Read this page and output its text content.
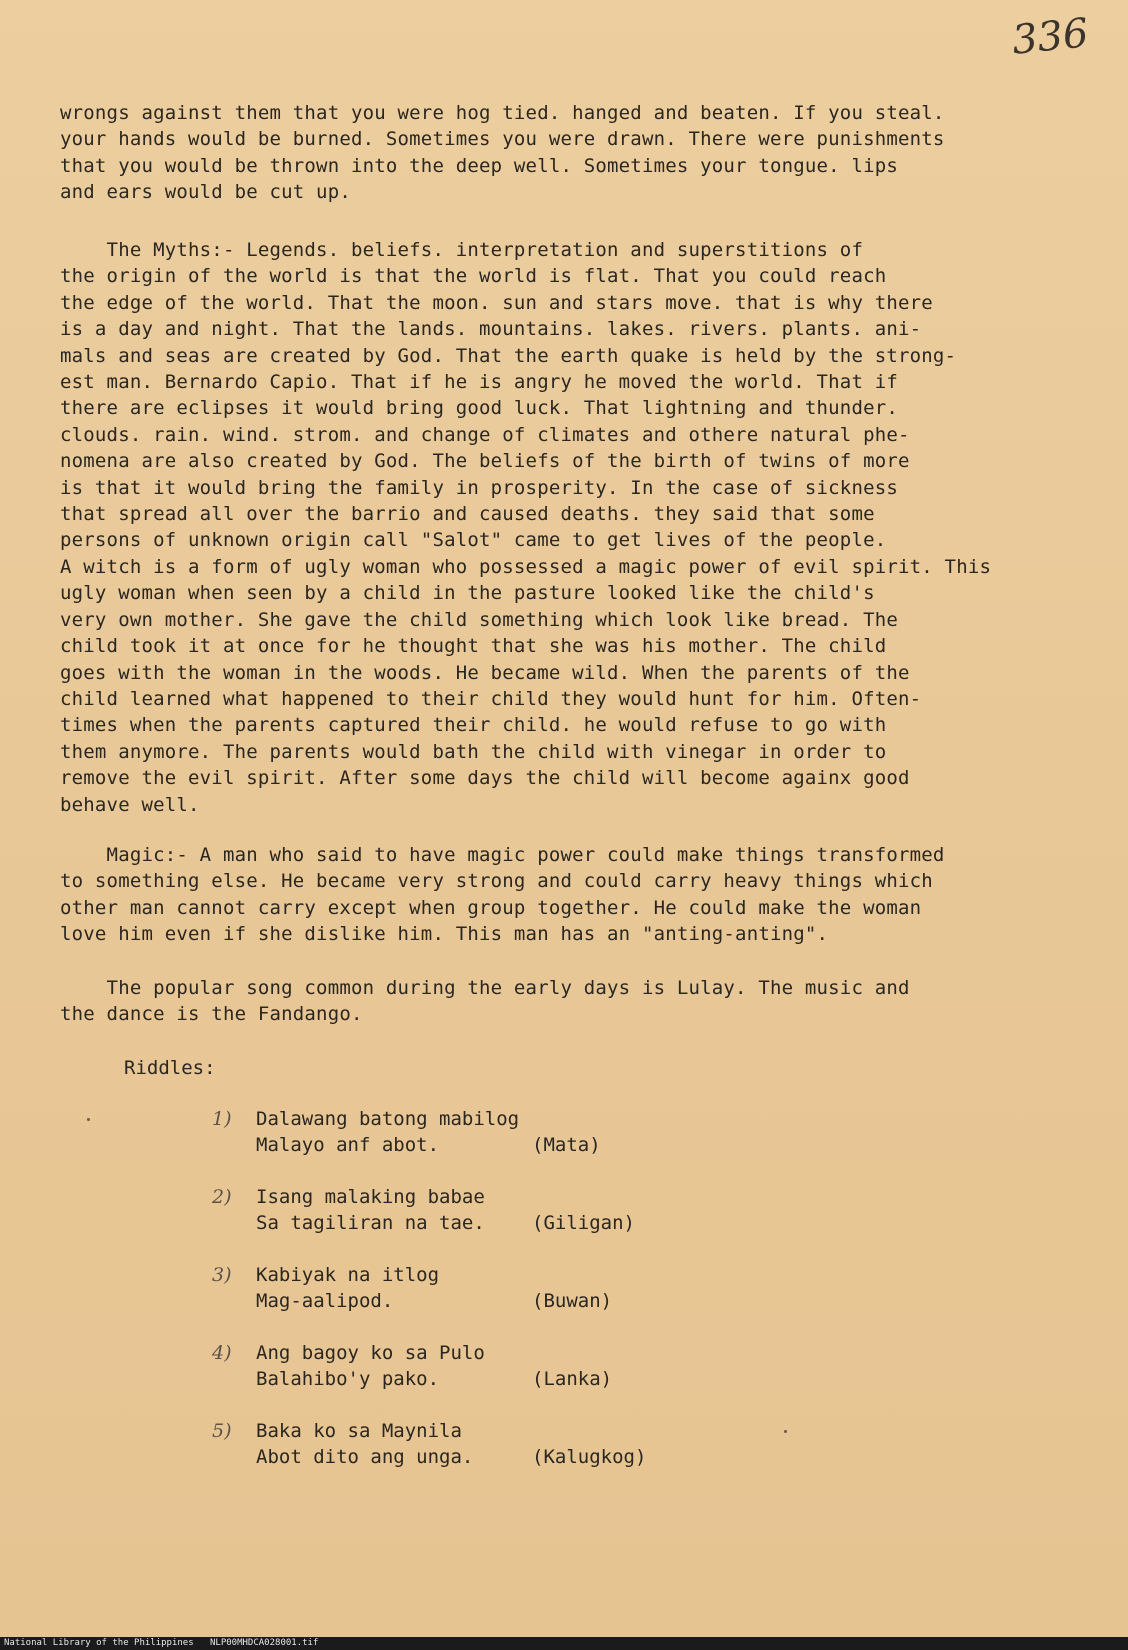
336

wrongs against them that you were hog tied. hanged and beaten. If you steal.
your hands would be burned. Sometimes you were drawn. There were punishments
that you would be thrown into the deep well. Sometimes your tongue. lips
and ears would be cut up.

The Myths:- Legends. beliefs. interpretation and superstitions of
the origin of the world is that the world is flat. That you could reach
the edge of the world. That the moon. sun and stars move. that is why there
is a day and night. That the lands. mountains. lakes. rivers. plants. ani-
mals and seas are created by God. That the earth quake is held by the strong-
est man. Bernardo Capio. That if he is angry he moved the world. That if
there are eclipses it would bring good luck. That lightning and thunder.
clouds. rain. wind. strom. and change of climates and othere natural phe-
nomena are also created by God. The beliefs of the birth of twins of more
is that it would bring the family in prosperity. In the case of sickness
that spread all over the barrio and caused deaths. they said that some
persons of unknown origin call "Salot" came to get lives of the people.
A witch is a form of ugly woman who possessed a magic power of evil spirit. This
ugly woman when seen by a child in the pasture looked like the child's
very own mother. She gave the child something which look like bread. The
child took it at once for he thought that she was his mother. The child
goes with the woman in the woods. He became wild. When the parents of the
child learned what happened to their child they would hunt for him. Often-
times when the parents captured their child. he would refuse to go with
them anymore. The parents would bath the child with vinegar in order to
remove the evil spirit. After some days the child will become againx good
behave well.

Magic:- A man who said to have magic power could make things transformed
to something else. He became very strong and could carry heavy things which
other man cannot carry except when group together. He could make the woman
love him even if she dislike him. This man has an "anting-anting".

The popular song common during the early days is Lulay. The music and
the dance is the Fandango.

Riddles:
1)	Dalawang batong mabilog
Malayo anf abot.	(Mata)
2)	Isang malaking babae
Sa tagiliran na tae. (Giligan)
3)	Kabiyak na itlog
Mag-aalipod.	(Buwan)
4)	Ang bagoy ko sa Pulo
Balahibo'y pako.	(Lanka)
5)	Baka ko sa Maynila
Abot dito ang unga.	(Kalugkog)
National Library of the Philippines NLP00MHDCA028001.tif
